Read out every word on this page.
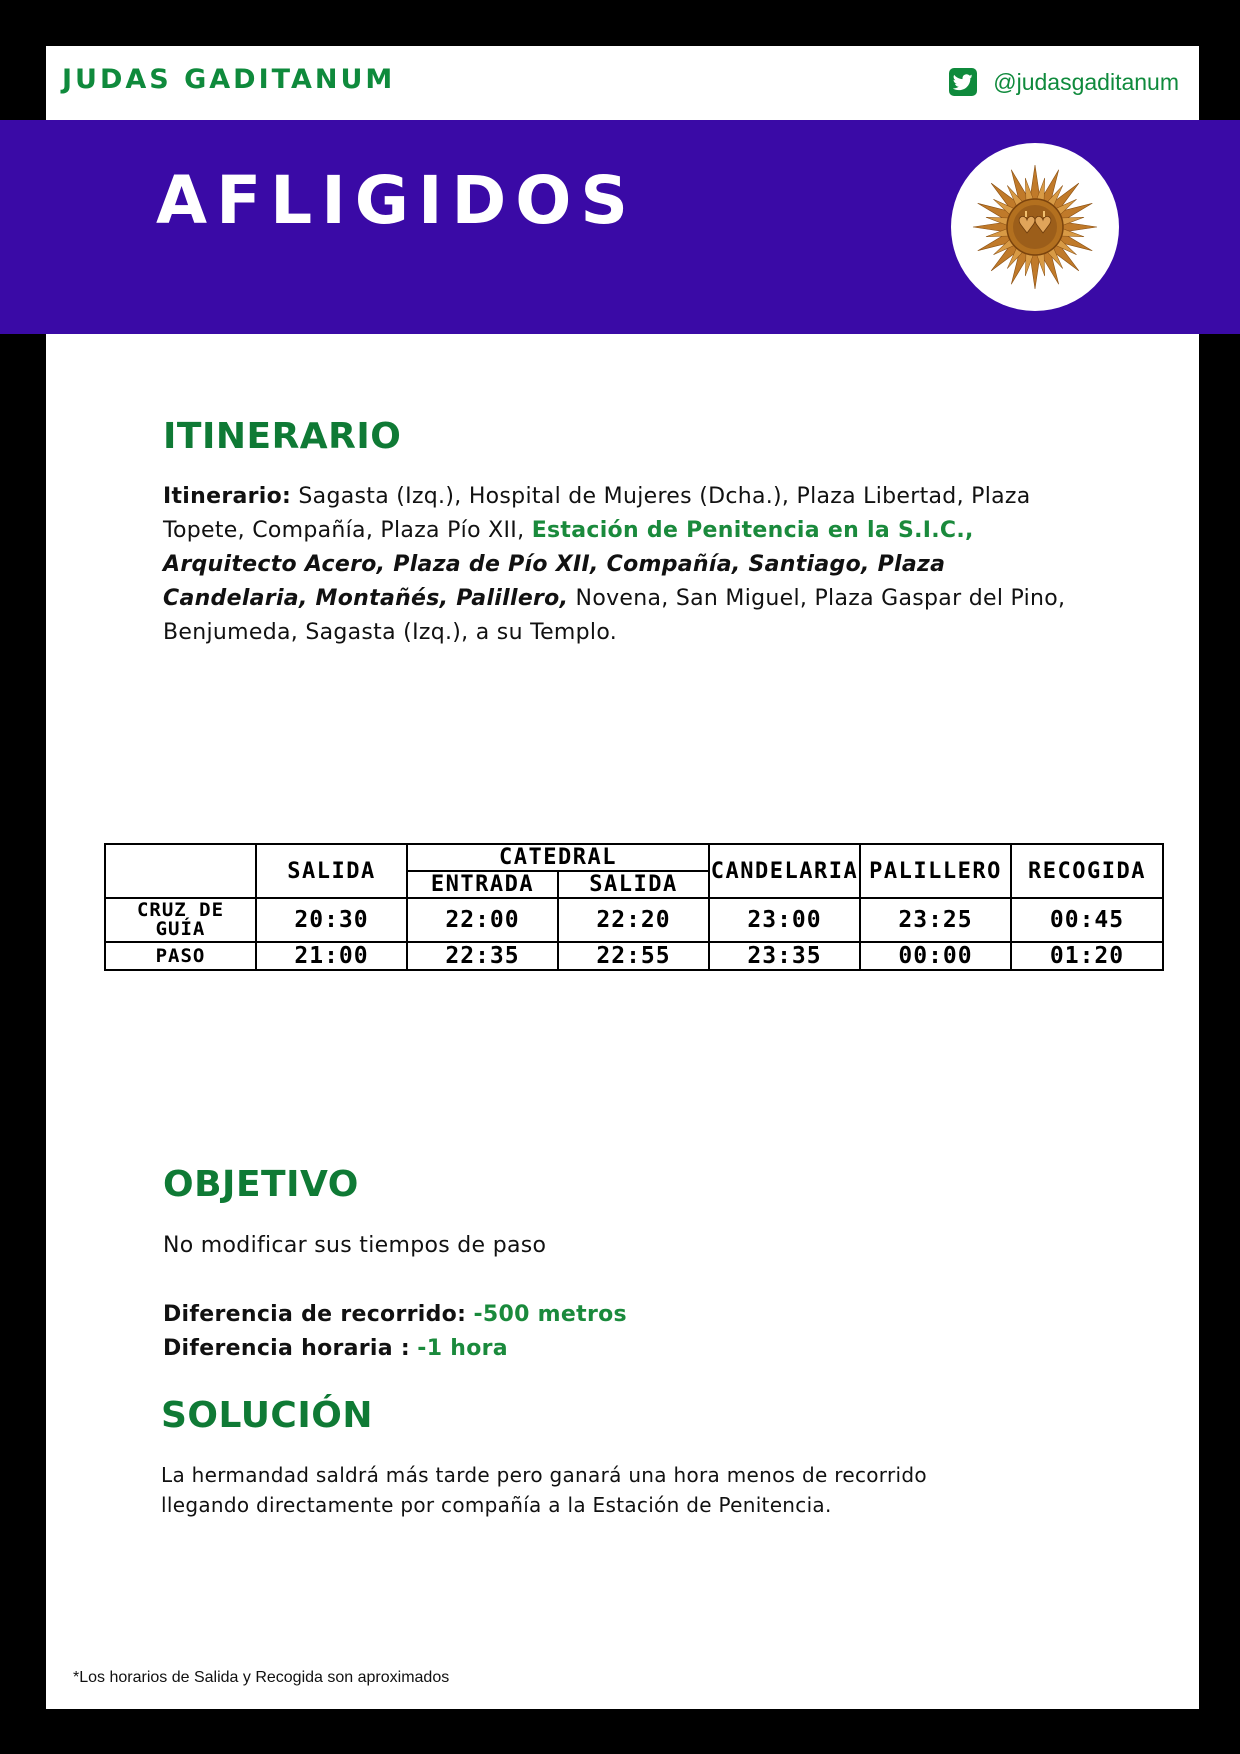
JUDAS GADITANUM	@judasgaditanum
ITINERARIO

Itinerario: Sagasta (Izq.), Hospital de Mujeres (Dcha.), Plaza Libertad, Plaza Topete, Compañía, Plaza Pío XII, Estación de Penitencia en la S.I.C., Arquitecto Acero, Plaza de Pío XII, Compañía, Santiago, Plaza Candelaria, Montañés, Palillero, Novena, San Miguel, Plaza Gaspar del Pino, Benjumeda, Sagasta (Izq.), a su Templo.

	SALIDA	CATEDRAL		CANDELARIA	PALILLERO	RECOGIDA
		ENTRADA	SALIDA			
CRUZ DE
GUÍA	20:30	22:00	22:20	23:00	23:25	00:45
PASO	21:00	22:35	22:55	23:35	00:00	01:20
OBJETIVO

No modificar sus tiempos de paso

Diferencia de recorrido: -500 metros

Diferencia horaria : -1 hora

SOLUCIÓN

La hermandad saldrá más tarde pero ganará una hora menos de recorrido llegando directamente por compañía a la Estación de Penitencia.

*Los horarios de Salida y Recogida son aproximados
AFLIGIDOS
